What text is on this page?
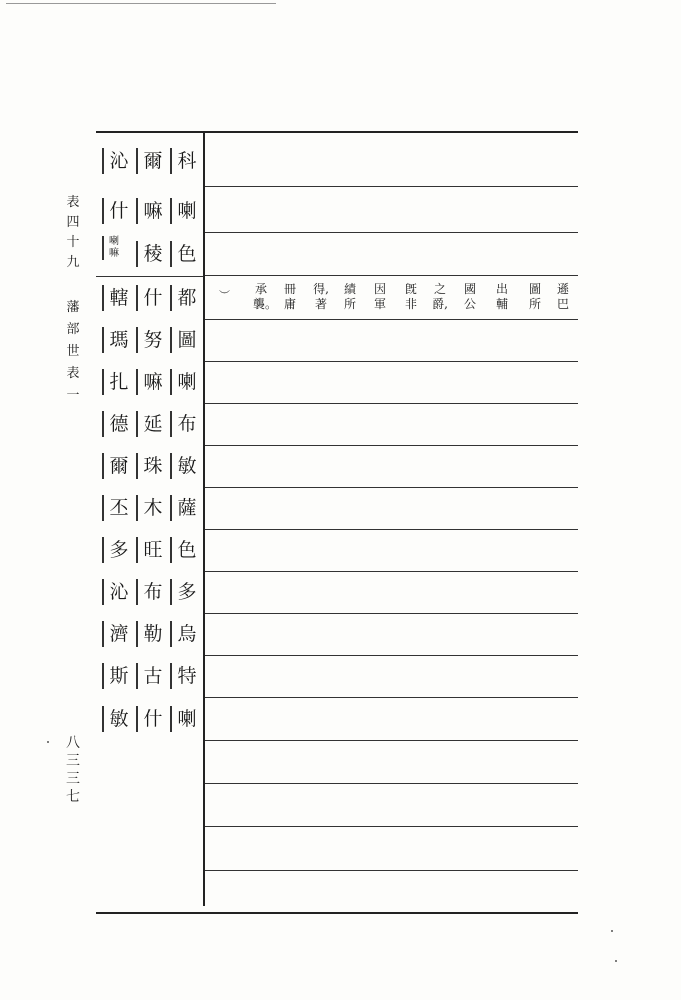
表
四
十
九
藩
部
世
表
一
八
三
三
七
沁 爾 科
什 嘛 喇
喇
嘛	稜 色
轄 什 都
瑪 努 圖
扎 嘛 喇
德 延 布
爾 珠 敏
丕 木 薩
多 旺 色
沁 布 多
濟 勒 烏
斯 古 特
敏 什 喇
︶	遜
巴
圖
所
出
輔
國
公
之
爵,
旣
非
因
軍
績
所
得,
著
冊
庸
承
襲。
